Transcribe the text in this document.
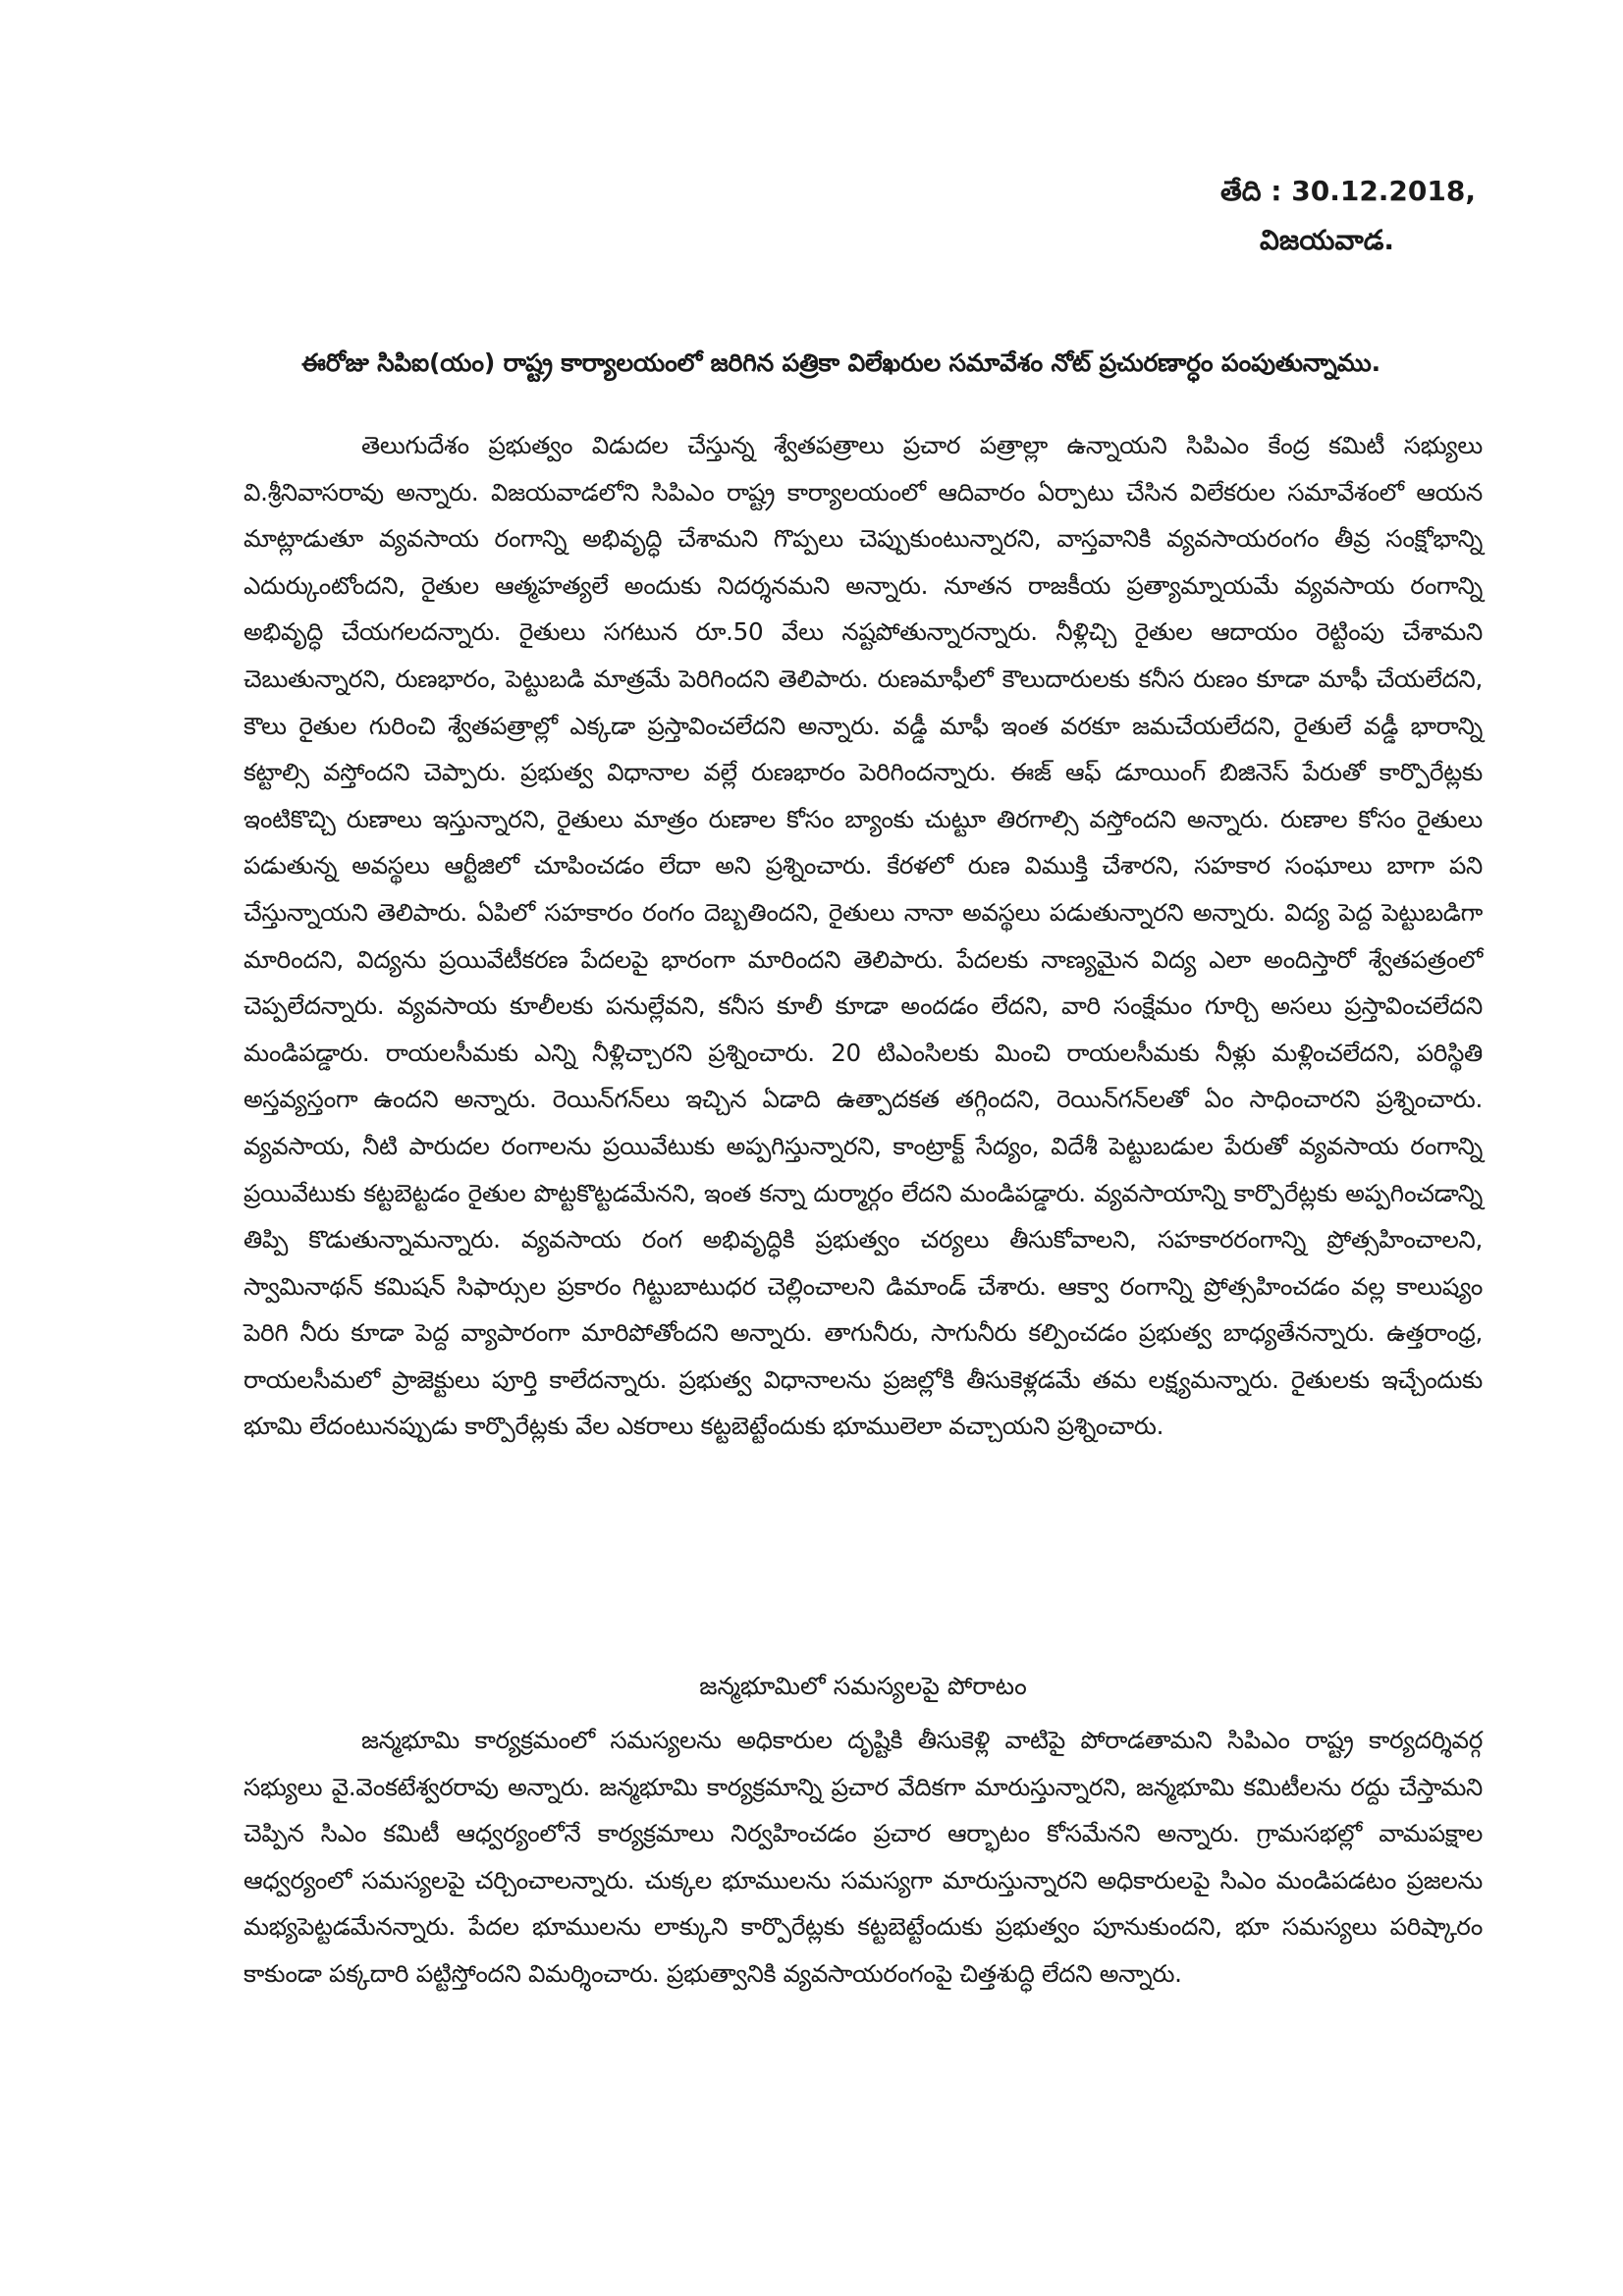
తేది : 30.12.2018,
విజయవాడ.
ఈరోజు సిపిఐ(యం) రాష్ట్ర కార్యాలయంలో జరిగిన పత్రికా విలేఖరుల సమావేశం నోట్ ప్రచురణార్ధం పంపుతున్నాము.

తెలుగుదేశం ప్రభుత్వం విడుదల చేస్తున్న శ్వేతపత్రాలు ప్రచార పత్రాల్లా ఉన్నాయని సిపిఎం కేంద్ర కమిటీ సభ్యులు వి.శ్రీనివాసరావు అన్నారు. విజయవాడలోని సిపిఎం రాష్ట్ర కార్యాలయంలో ఆదివారం ఏర్పాటు చేసిన విలేకరుల సమావేశంలో ఆయన మాట్లాడుతూ వ్యవసాయ రంగాన్ని అభివృద్ధి చేశామని గొప్పలు చెప్పుకుంటున్నారని, వాస్తవానికి వ్యవసాయరంగం తీవ్ర సంక్షోభాన్ని ఎదుర్కుంటోందని, రైతుల ఆత్మహత్యలే అందుకు నిదర్శనమని అన్నారు. నూతన రాజకీయ ప్రత్యామ్నాయమే వ్యవసాయ రంగాన్ని అభివృద్ధి చేయగలదన్నారు. రైతులు సగటున రూ.50 వేలు నష్టపోతున్నారన్నారు. నీళ్లిచ్చి రైతుల ఆదాయం రెట్టింపు చేశామని చెబుతున్నారని, రుణభారం, పెట్టుబడి మాత్రమే పెరిగిందని తెలిపారు. రుణమాఫీలో కౌలుదారులకు కనీస రుణం కూడా మాఫీ చేయలేదని, కౌలు రైతుల గురించి శ్వేతపత్రాల్లో ఎక్కడా ప్రస్తావించలేదని అన్నారు. వడ్డీ మాఫీ ఇంత వరకూ జమచేయలేదని, రైతులే వడ్డీ భారాన్ని కట్టాల్సి వస్తోందని చెప్పారు. ప్రభుత్వ విధానాల వల్లే రుణభారం పెరిగిందన్నారు. ఈజ్ ఆఫ్ డూయింగ్ బిజినెస్ పేరుతో కార్పొరేట్లకు ఇంటికొచ్చి రుణాలు ఇస్తున్నారని, రైతులు మాత్రం రుణాల కోసం బ్యాంకు చుట్టూ తిరగాల్సి వస్తోందని అన్నారు. రుణాల కోసం రైతులు పడుతున్న అవస్థలు ఆర్టీజిలో చూపించడం లేదా అని ప్రశ్నించారు. కేరళలో రుణ విముక్తి చేశారని, సహకార సంఘాలు బాగా పని చేస్తున్నాయని తెలిపారు. ఏపిలో సహకారం రంగం దెబ్బతిందని, రైతులు నానా అవస్థలు పడుతున్నారని అన్నారు. విద్య పెద్ద పెట్టుబడిగా మారిందని, విద్యను ప్రయివేటీకరణ పేదలపై భారంగా మారిందని తెలిపారు. పేదలకు నాణ్యమైన విద్య ఎలా అందిస్తారో శ్వేతపత్రంలో చెప్పలేదన్నారు. వ్యవసాయ కూలీలకు పనుల్లేవని, కనీస కూలీ కూడా అందడం లేదని, వారి సంక్షేమం గూర్చి అసలు ప్రస్తావించలేదని మండిపడ్డారు. రాయలసీమకు ఎన్ని నీళ్లిచ్చారని ప్రశ్నించారు. 20 టిఎంసిలకు మించి రాయలసీమకు నీళ్లు మళ్లించలేదని, పరిస్థితి అస్తవ్యస్తంగా ఉందని అన్నారు. రెయిన్‌గన్‌లు ఇచ్చిన ఏడాది ఉత్పాదకత తగ్గిందని, రెయిన్‌గన్‌లతో ఏం సాధించారని ప్రశ్నించారు. వ్యవసాయ, నీటి పారుదల రంగాలను ప్రయివేటుకు అప్పగిస్తున్నారని, కాంట్రాక్ట్ సేద్యం, విదేశీ పెట్టుబడుల పేరుతో వ్యవసాయ రంగాన్ని ప్రయివేటుకు కట్టబెట్టడం రైతుల పొట్టకొట్టడమేనని, ఇంత కన్నా దుర్మార్గం లేదని మండిపడ్డారు. వ్యవసాయాన్ని కార్పొరేట్లకు అప్పగించడాన్ని తిప్పి కొడుతున్నామన్నారు. వ్యవసాయ రంగ అభివృద్ధికి ప్రభుత్వం చర్యలు తీసుకోవాలని, సహకారరంగాన్ని ప్రోత్సహించాలని, స్వామినాథన్ కమిషన్ సిఫార్సుల ప్రకారం గిట్టుబాటుధర చెల్లించాలని డిమాండ్ చేశారు. ఆక్వా రంగాన్ని ప్రోత్సహించడం వల్ల కాలుష్యం పెరిగి నీరు కూడా పెద్ద వ్యాపారంగా మారిపోతోందని అన్నారు. తాగునీరు, సాగునీరు కల్పించడం ప్రభుత్వ బాధ్యతేనన్నారు. ఉత్తరాంధ్ర, రాయలసీమలో ప్రాజెక్టులు పూర్తి కాలేదన్నారు. ప్రభుత్వ విధానాలను ప్రజల్లోకి తీసుకెళ్లడమే తమ లక్ష్యమన్నారు. రైతులకు ఇచ్చేందుకు భూమి లేదంటునప్పుడు కార్పొరేట్లకు వేల ఎకరాలు కట్టబెట్టేందుకు భూములెలా వచ్చాయని ప్రశ్నించారు.

జన్మభూమిలో సమస్యలపై పోరాటం

జన్మభూమి కార్యక్రమంలో సమస్యలను అధికారుల దృష్టికి తీసుకెళ్లి వాటిపై పోరాడతామని సిపిఎం రాష్ట్ర కార్యదర్శివర్గ సభ్యులు వై.వెంకటేశ్వరరావు అన్నారు. జన్మభూమి కార్యక్రమాన్ని ప్రచార వేదికగా మారుస్తున్నారని, జన్మభూమి కమిటీలను రద్దు చేస్తామని చెప్పిన సిఎం కమిటీ ఆధ్వర్యంలోనే కార్యక్రమాలు నిర్వహించడం ప్రచార ఆర్భాటం కోసమేనని అన్నారు. గ్రామసభల్లో వామపక్షాల ఆధ్వర్యంలో సమస్యలపై చర్చించాలన్నారు. చుక్కల భూములను సమస్యగా మారుస్తున్నారని అధికారులపై సిఎం మండిపడటం ప్రజలను మభ్యపెట్టడమేనన్నారు. పేదల భూములను లాక్కుని కార్పొరేట్లకు కట్టబెట్టేందుకు ప్రభుత్వం పూనుకుందని, భూ సమస్యలు పరిష్కారం కాకుండా పక్కదారి పట్టిస్తోందని విమర్శించారు. ప్రభుత్వానికి వ్యవసాయరంగంపై చిత్తశుద్ధి లేదని అన్నారు.
